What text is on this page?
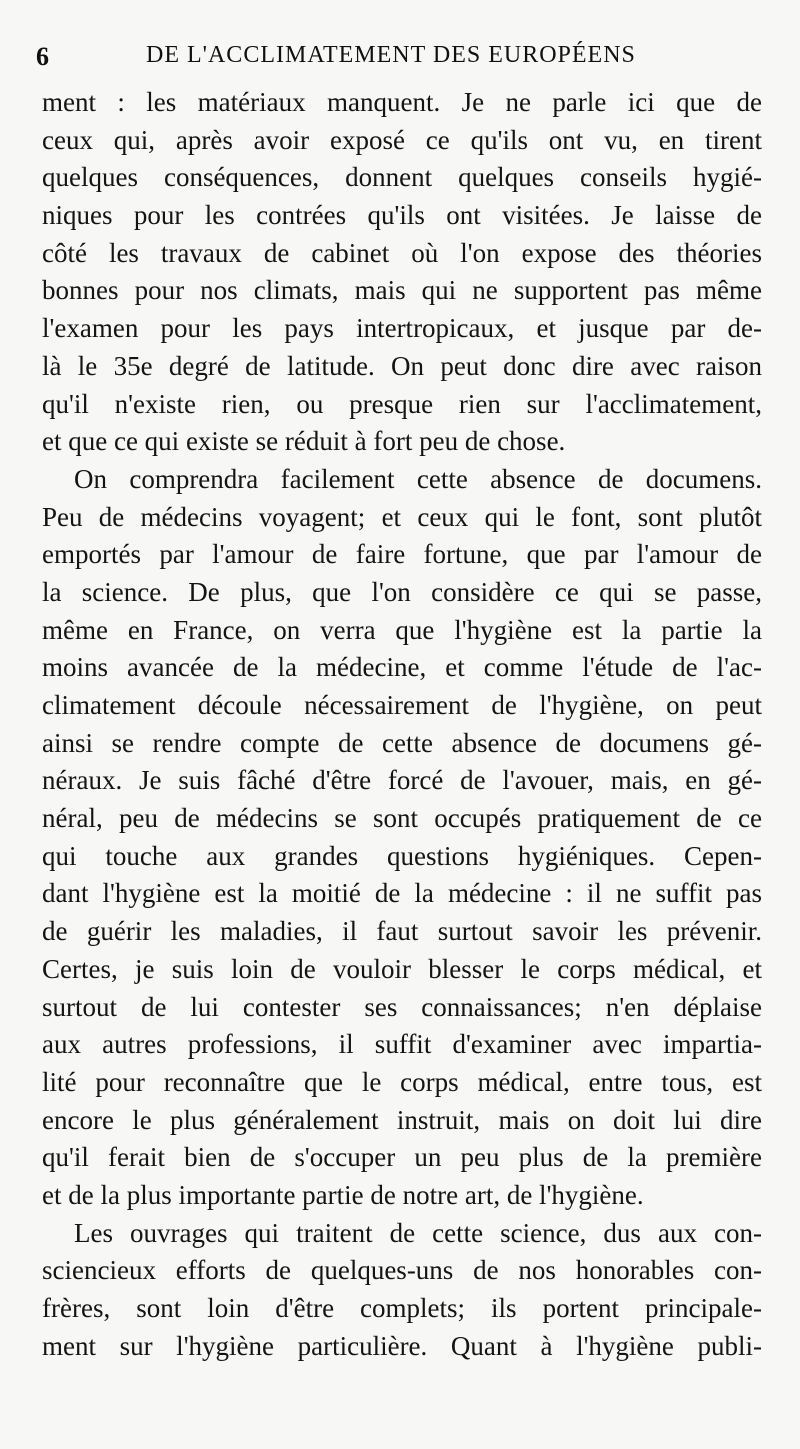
6	DE L'ACCLIMATEMENT DES EUROPÉENS
ment : les matériaux manquent. Je ne parle ici que de
ceux qui, après avoir exposé ce qu'ils ont vu, en tirent
quelques conséquences, donnent quelques conseils hygié-
niques pour les contrées qu'ils ont visitées. Je laisse de
côté les travaux de cabinet où l'on expose des théories
bonnes pour nos climats, mais qui ne supportent pas même
l'examen pour les pays intertropicaux, et jusque par de-
là le 35e degré de latitude. On peut donc dire avec raison
qu'il n'existe rien, ou presque rien sur l'acclimatement,
et que ce qui existe se réduit à fort peu de chose.
On comprendra facilement cette absence de documens.
Peu de médecins voyagent; et ceux qui le font, sont plutôt
emportés par l'amour de faire fortune, que par l'amour de
la science. De plus, que l'on considère ce qui se passe,
même en France, on verra que l'hygiène est la partie la
moins avancée de la médecine, et comme l'étude de l'ac-
climatement découle nécessairement de l'hygiène, on peut
ainsi se rendre compte de cette absence de documens gé-
néraux. Je suis fâché d'être forcé de l'avouer, mais, en gé-
néral, peu de médecins se sont occupés pratiquement de ce
qui touche aux grandes questions hygiéniques. Cepen-
dant l'hygiène est la moitié de la médecine : il ne suffit pas
de guérir les maladies, il faut surtout savoir les prévenir.
Certes, je suis loin de vouloir blesser le corps médical, et
surtout de lui contester ses connaissances; n'en déplaise
aux autres professions, il suffit d'examiner avec impartia-
lité pour reconnaître que le corps médical, entre tous, est
encore le plus généralement instruit, mais on doit lui dire
qu'il ferait bien de s'occuper un peu plus de la première
et de la plus importante partie de notre art, de l'hygiène.
Les ouvrages qui traitent de cette science, dus aux con-
sciencieux efforts de quelques-uns de nos honorables con-
frères, sont loin d'être complets; ils portent principale-
ment sur l'hygiène particulière. Quant à l'hygiène publi-
